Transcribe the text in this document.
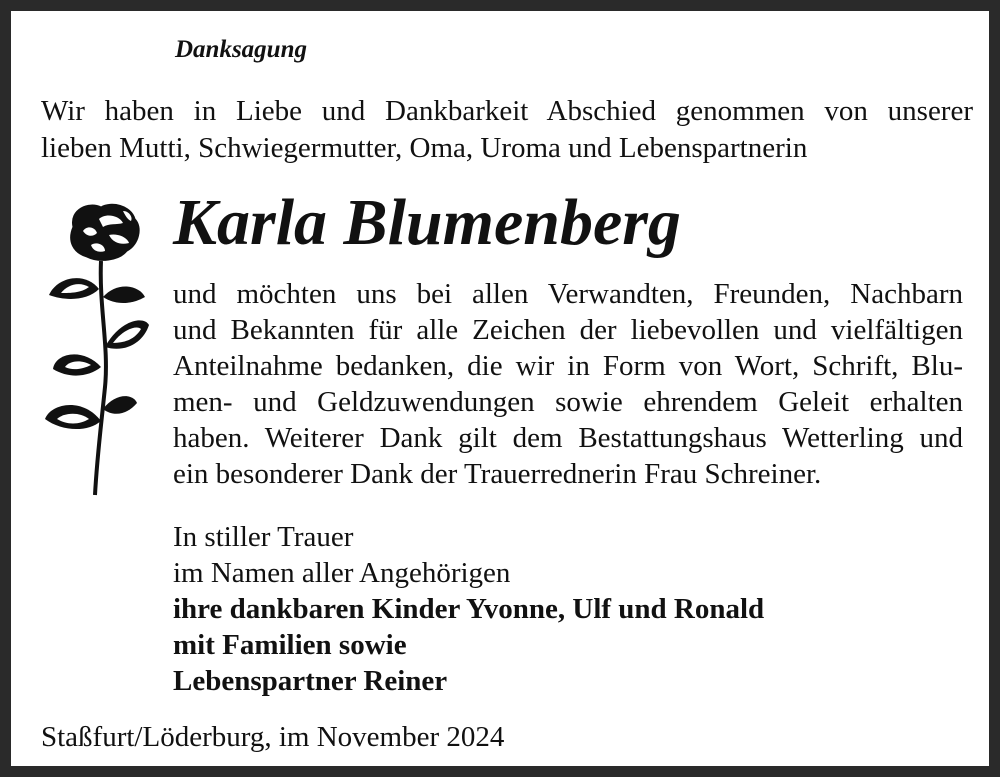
Danksagung
Wir haben in Liebe und Dankbarkeit Abschied genommen von unserer
lieben Mutti, Schwiegermutter, Oma, Uroma und Lebenspartnerin
Karla Blumenberg
und möchten uns bei allen Verwandten, Freunden, Nachbarn
und Bekannten für alle Zeichen der liebevollen und vielfältigen
Anteilnahme bedanken, die wir in Form von Wort, Schrift, Blu-
men- und Geldzuwendungen sowie ehrendem Geleit erhalten
haben. Weiterer Dank gilt dem Bestattungshaus Wetterling und
ein besonderer Dank der Trauerrednerin Frau Schreiner.
In stiller Trauer
im Namen aller Angehörigen
ihre dankbaren Kinder Yvonne, Ulf und Ronald
mit Familien sowie
Lebenspartner Reiner
Staßfurt/Löderburg, im November 2024
